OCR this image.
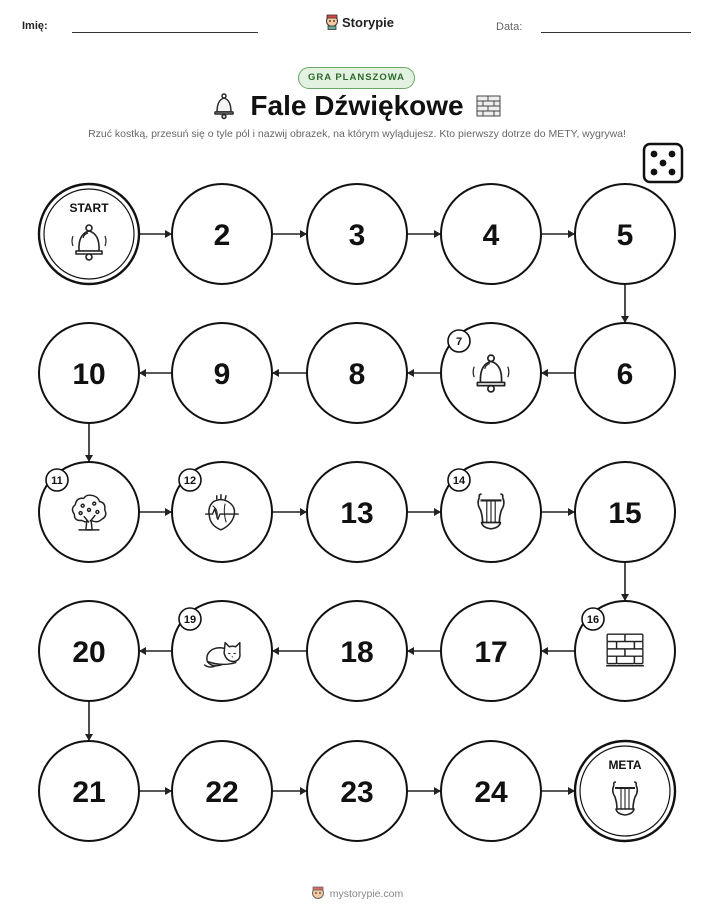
Imię:	Storypie	Data:
GRA PLANSZOWA
Fale Dźwiękowe
Rzuć kostką, przesuń się o tyle pól i nazwij obrazek, na którym wylądujesz. Kto pierwszy dotrze do METY, wygrywa!
START
2	3	4	5
6
7
8
9
10
11	12
13
14
15
16
17
18
19
20
21	22	23	24
META
mystorypie.com
